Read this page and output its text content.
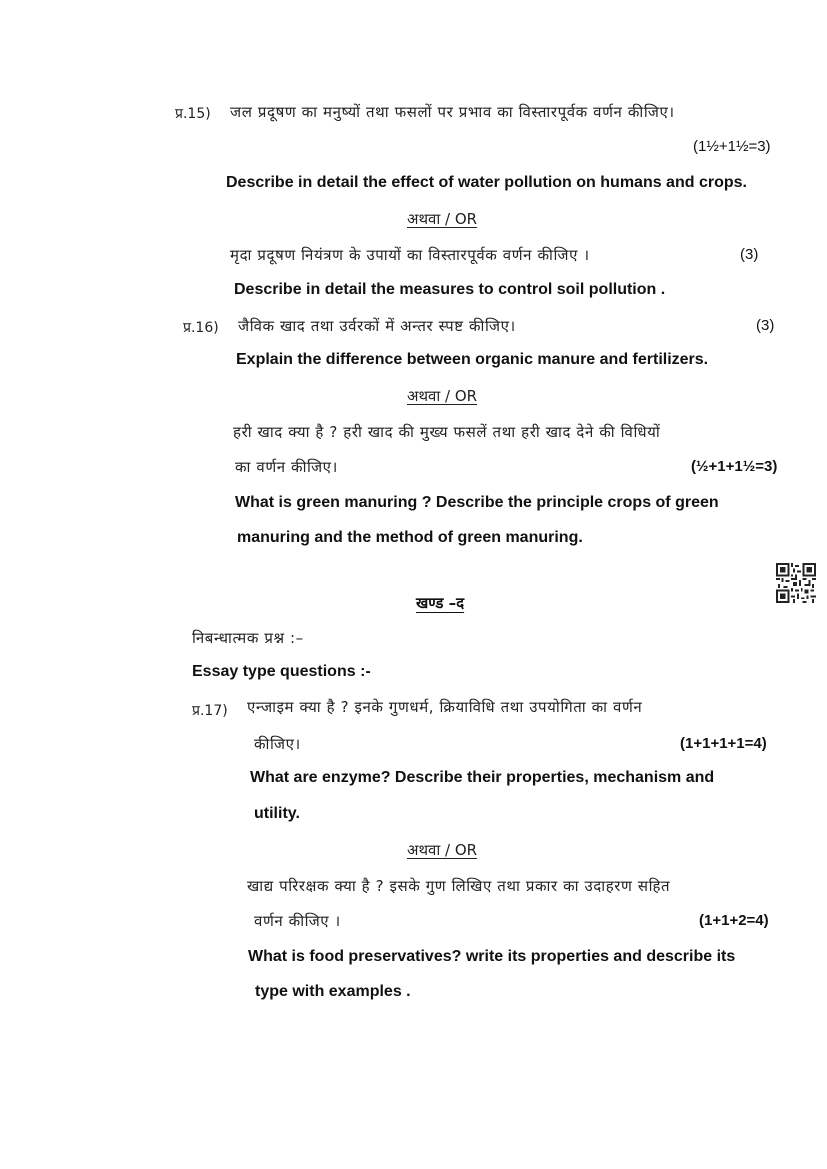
प्र.15) जल प्रदूषण का मनुष्यों तथा फसलों पर प्रभाव का विस्तारपूर्वक वर्णन कीजिए।
(1½+1½=3)
Describe in detail the effect of water pollution on humans and crops.
अथवा / OR
मृदा प्रदूषण नियंत्रण के उपायों का विस्तारपूर्वक वर्णन कीजिए ।	(3)
Describe in detail the measures to control soil pollution .
प्र.16) जैविक खाद तथा उर्वरकों में अन्तर स्पष्ट कीजिए।	(3)
Explain the difference between organic manure and fertilizers.
अथवा / OR
हरी खाद क्या है ? हरी खाद की मुख्य फसलें तथा हरी खाद देने की विधियों
का वर्णन कीजिए।	(½+1+1½=3)
What is green manuring ? Describe the principle crops of green
manuring and the method of green manuring.
खण्ड –द
निबन्धात्मक प्रश्न :–
Essay type questions :-
प्र.17) एन्जाइम क्या है ? इनके गुणधर्म, क्रियाविधि तथा उपयोगिता का वर्णन
कीजिए।	(1+1+1+1=4)
What are enzyme? Describe their properties, mechanism and
utility.
अथवा / OR
खाद्य परिरक्षक क्या है ? इसके गुण लिखिए तथा प्रकार का उदाहरण सहित
वर्णन कीजिए ।	(1+1+2=4)
What is food preservatives? write its properties and describe its
type with examples .
